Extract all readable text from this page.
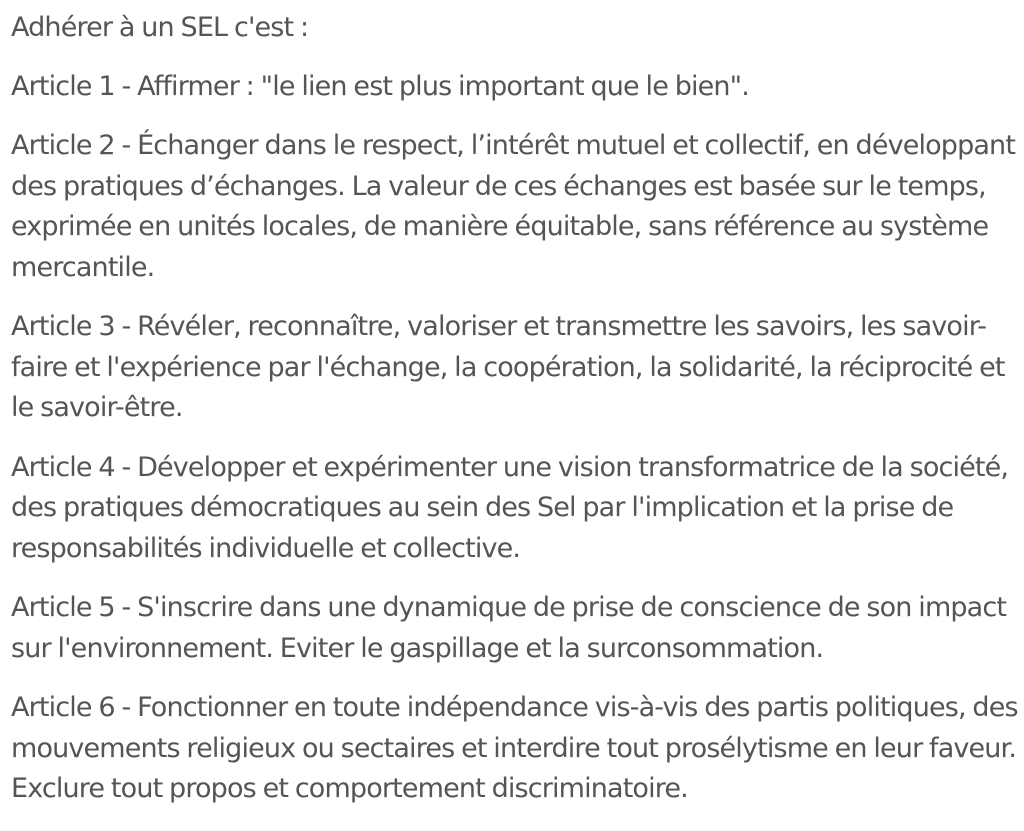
Adhérer à un SEL c'est :

Article 1 - Affirmer : "le lien est plus important que le bien".

Article 2 - Échanger dans le respect, l’intérêt mutuel et collectif, en développant des pratiques d’échanges. La valeur de ces échanges est basée sur le temps, exprimée en unités locales, de manière équitable, sans référence au système mercantile.

Article 3 - Révéler, reconnaître, valoriser et transmettre les savoirs, les savoir- faire et l'expérience par l'échange, la coopération, la solidarité, la réciprocité et le savoir-être.

Article 4 - Développer et expérimenter une vision transformatrice de la société,  des pratiques démocratiques au sein des Sel par l'implication et la prise de responsabilités individuelle et collective.

Article 5 - S'inscrire dans une dynamique de prise de conscience de son impact sur l'environnement. Eviter le gaspillage et la surconsommation.

Article 6 - Fonctionner en toute indépendance vis-à-vis des partis politiques, des mouvements religieux ou sectaires et interdire tout prosélytisme en leur faveur. Exclure tout propos et comportement discriminatoire.
